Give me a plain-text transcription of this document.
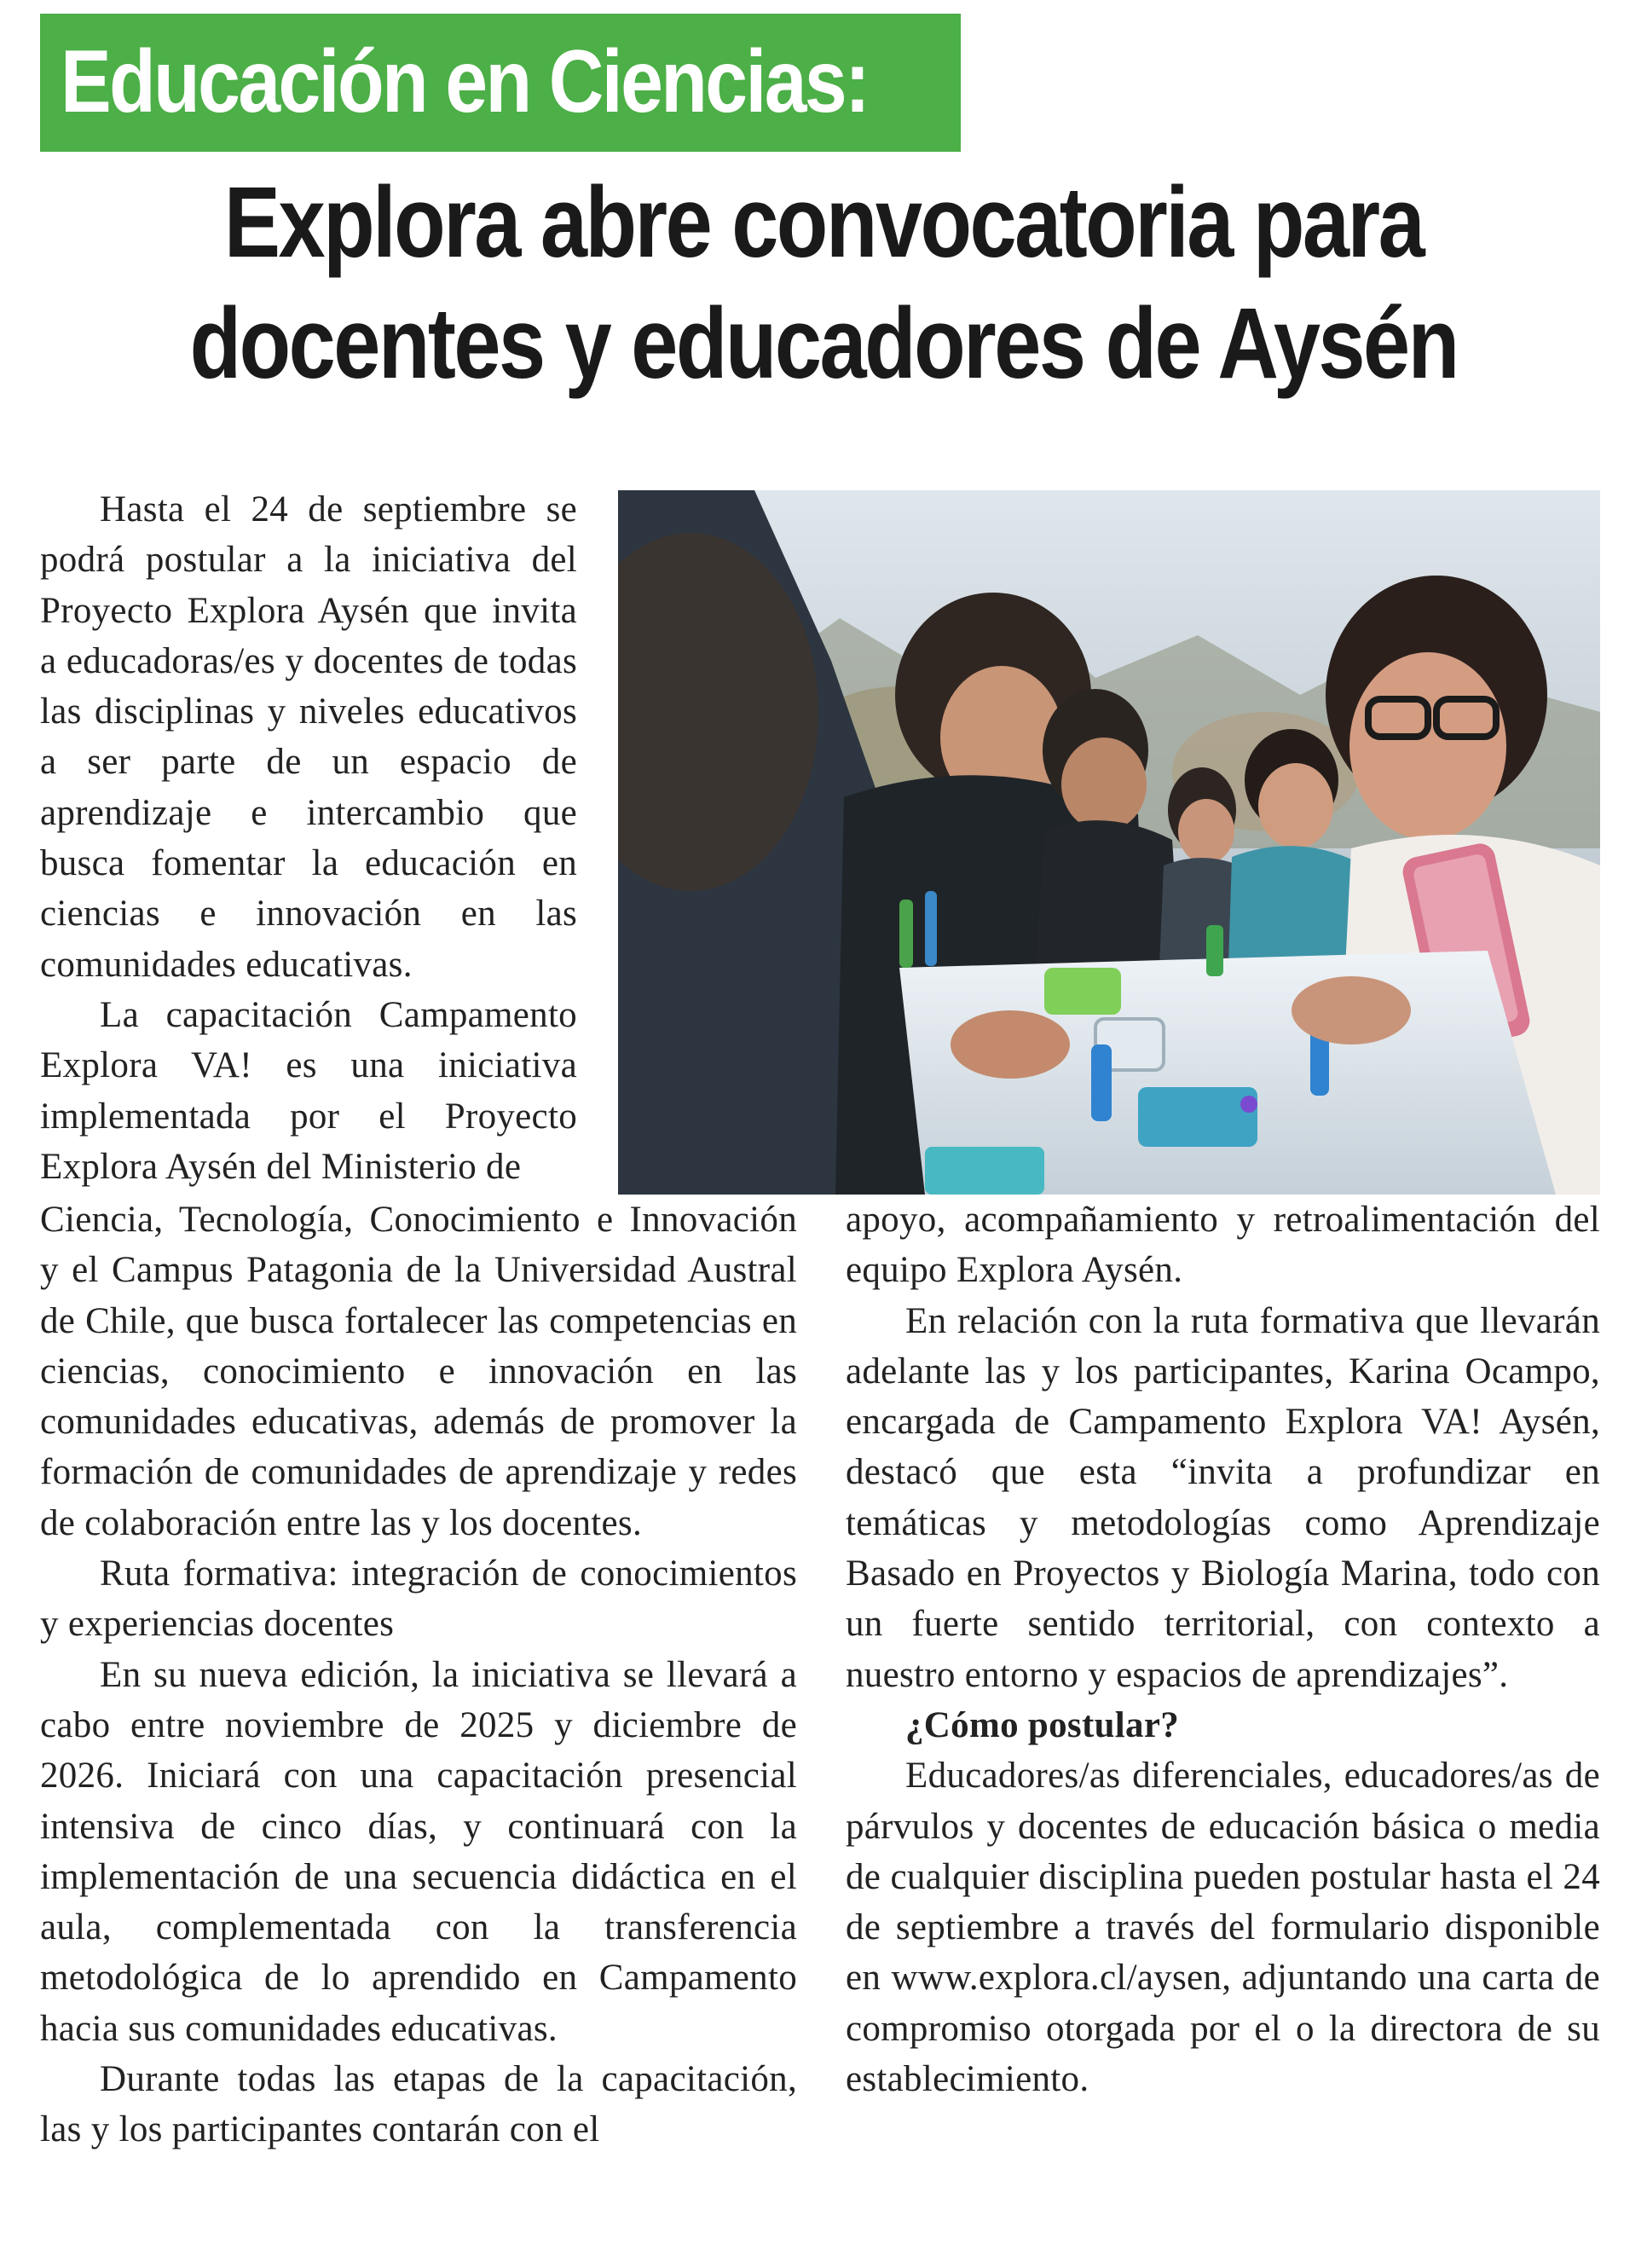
Educación en Ciencias:
Explora abre convocatoria para
docentes y educadores de Aysén

Hasta el 24 de septiembre se podrá postular a la iniciativa del Proyecto Explora Aysén que invita a educadoras/es y docentes de todas las disciplinas y niveles educativos a ser parte de un espacio de aprendizaje e intercambio que busca fomentar la educación en ciencias e innovación en las comunidades educativas.

La capacitación Campamento Explora VA! es una iniciativa implementada por el Proyecto Explora Aysén del Ministerio de

Ciencia, Tecnología, Conocimiento e Innovación y el Campus Patagonia de la Universidad Austral de Chile, que busca fortalecer las competencias en ciencias, conocimiento e innovación en las comunidades educativas, además de promover la formación de comunidades de aprendizaje y redes de colaboración entre las y los docentes.

Ruta formativa: integración de conocimientos y experiencias docentes

En su nueva edición, la iniciativa se llevará a cabo entre noviembre de 2025 y diciembre de 2026. Iniciará con una capacitación presencial intensiva de cinco días, y continuará con la implementación de una secuencia didáctica en el aula, complementada con la transferencia metodológica de lo aprendido en Campamento hacia sus comunidades educativas.

Durante todas las etapas de la capacitación, las y los participantes contarán con el

apoyo, acompañamiento y retroalimentación del equipo Explora Aysén.

En relación con la ruta formativa que llevarán adelante las y los participantes, Karina Ocampo, encargada de Campamento Explora VA! Aysén, destacó que esta “invita a profundizar en temáticas y metodologías como Aprendizaje Basado en Proyectos y Biología Marina, todo con un fuerte sentido territorial, con contexto a nuestro entorno y espacios de aprendizajes”.

¿Cómo postular?

Educadores/as diferenciales, educadores/as de párvulos y docentes de educación básica o media de cualquier disciplina pueden postular hasta el 24 de septiembre a través del formulario disponible en www.explora.cl/aysen, adjuntando una carta de compromiso otorgada por el o la directora de su establecimiento.
